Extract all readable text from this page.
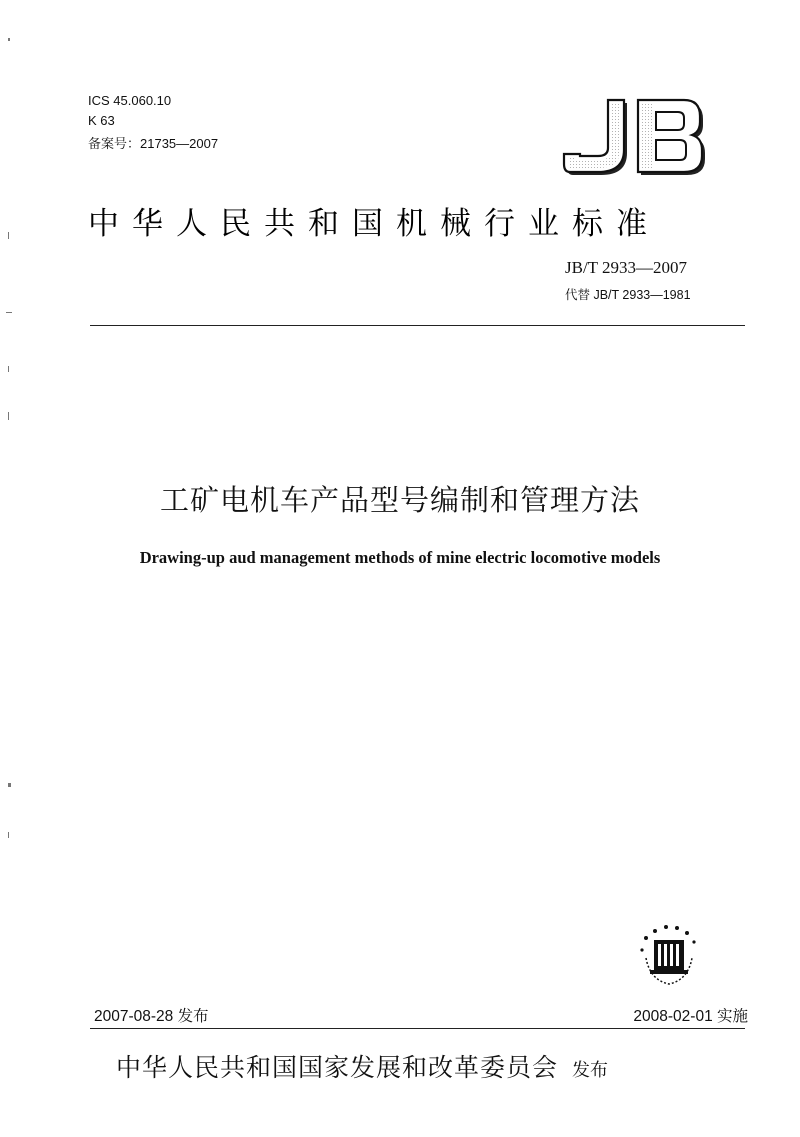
ICS 45.060.10
K 63
备案号：21735—2007
中华人民共和国机械行业标准
JB/T 2933—2007
代替 JB/T 2933—1981
工矿电机车产品型号编制和管理方法
Drawing-up aud management methods of mine electric locomotive models
2007-08-28 发布	2008-02-01 实施
中华人民共和国国家发展和改革委员会 发布
